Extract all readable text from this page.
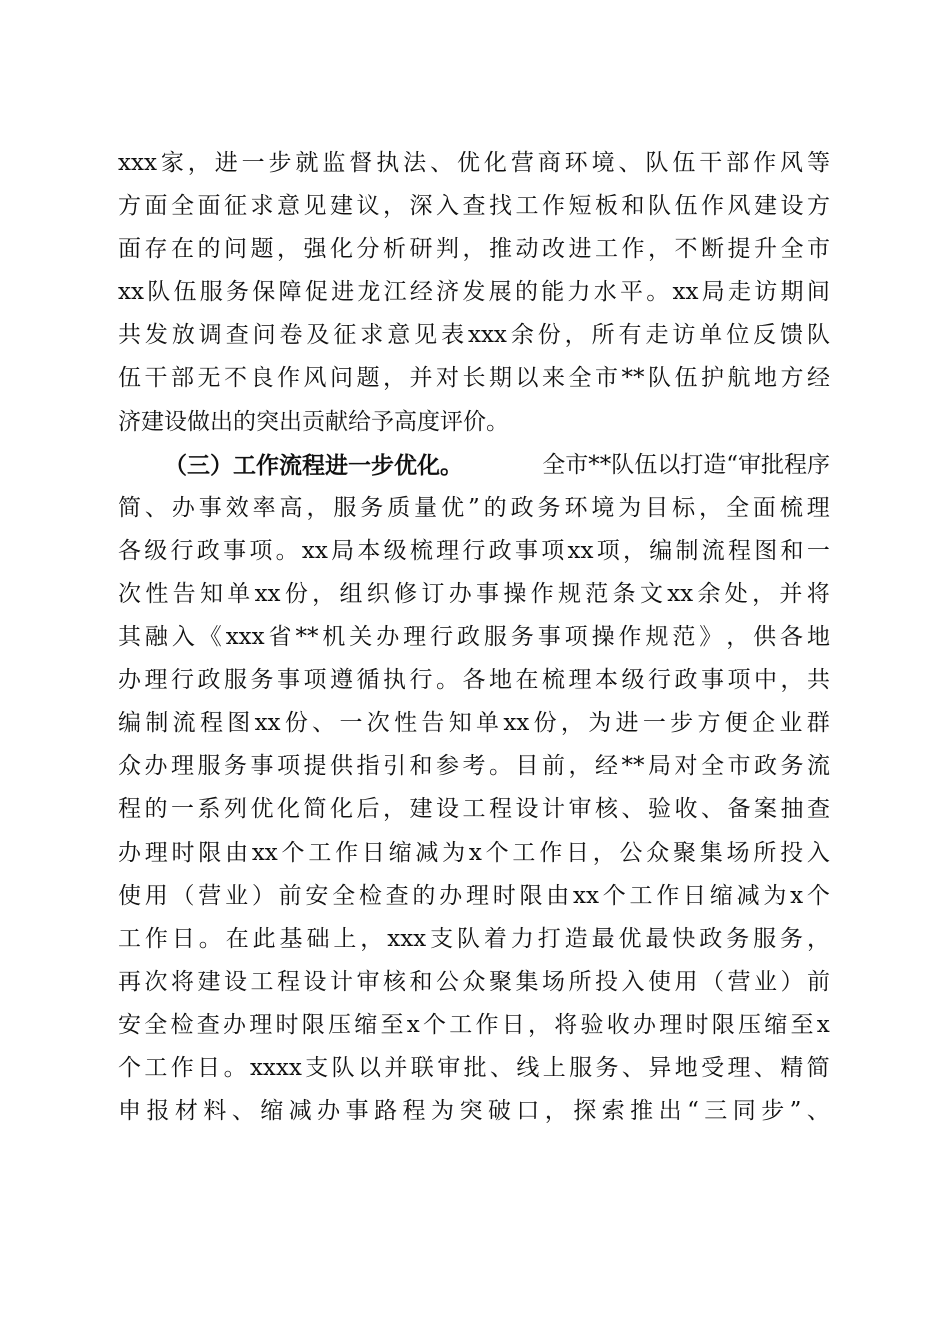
xxx 家 ， 进 一 步 就 监 督 执 法 、 优 化 营 商 环 境 、 队 伍 干 部 作 风 等
方 面 全 面 征 求 意 见 建 议 ， 深 入 查 找 工 作 短 板 和 队 伍 作 风 建 设 方
面 存 在 的 问 题 ， 强 化 分 析 研 判 ， 推 动 改 进 工 作 ， 不 断 提 升 全 市
xx 队 伍 服 务 保 障 促 进 龙 江 经 济 发 展 的 能 力 水 平 。 xx 局 走 访 期 间
共 发 放 调 查 问 卷 及 征 求 意 见 表 xxx 余 份 ， 所 有 走 访 单 位 反 馈 队
伍 干 部 无 不 良 作 风 问 题 ， 并 对 长 期 以 来 全 市 ** 队 伍 护 航 地 方 经
济建设做出的突出贡献给予高度评价。
（三）工作流程进一步优化。	全市**队伍以打造“审批程序
简 、 办 事 效 率 高 ， 服 务 质 量 优 ” 的 政 务 环 境 为 目 标 ， 全 面 梳 理
各 级 行 政 事 项 。 xx 局 本 级 梳 理 行 政 事 项 xx 项 ， 编 制 流 程 图 和 一
次 性 告 知 单 xx 份 ， 组 织 修 订 办 事 操 作 规 范 条 文 xx 余 处 ， 并 将
其 融 入 《 xxx 省 ** 机 关 办 理 行 政 服 务 事 项 操 作 规 范 》 ， 供 各 地
办 理 行 政 服 务 事 项 遵 循 执 行 。 各 地 在 梳 理 本 级 行 政 事 项 中 ， 共
编 制 流 程 图 xx 份 、 一 次 性 告 知 单 xx 份 ， 为 进 一 步 方 便 企 业 群
众 办 理 服 务 事 项 提 供 指 引 和 参 考 。 目 前 ， 经 ** 局 对 全 市 政 务 流
程 的 一 系 列 优 化 简 化 后 ， 建 设 工 程 设 计 审 核 、 验 收 、 备 案 抽 查
办 理 时 限 由 xx 个 工 作 日 缩 减 为 x 个 工 作 日 ， 公 众 聚 集 场 所 投 入
使 用 （ 营 业 ） 前 安 全 检 查 的 办 理 时 限 由 xx 个 工 作 日 缩 减 为 x 个
工 作 日 。 在 此 基 础 上 ， xxx 支 队 着 力 打 造 最 优 最 快 政 务 服 务 ，
再 次 将 建 设 工 程 设 计 审 核 和 公 众 聚 集 场 所 投 入 使 用 （ 营 业 ） 前
安 全 检 查 办 理 时 限 压 缩 至 x 个 工 作 日 ， 将 验 收 办 理 时 限 压 缩 至 x
个 工 作 日 。 xxxx 支 队 以 并 联 审 批 、 线 上 服 务 、 异 地 受 理 、 精 简
申 报 材 料 、 缩 减 办 事 路 程 为 突 破 口 ， 探 索 推 出 “ 三 同 步 ” 、
